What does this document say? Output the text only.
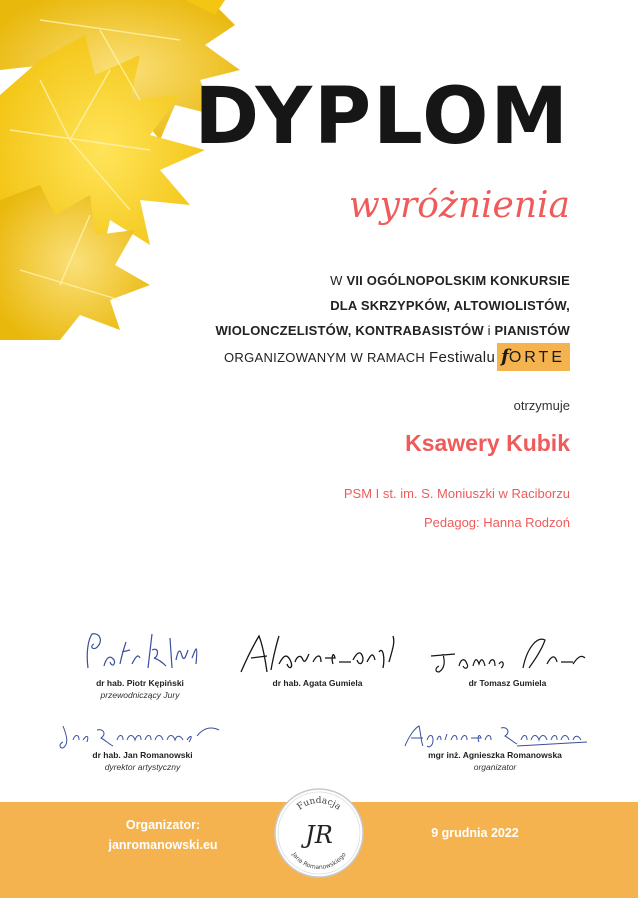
DYPLOM
wyróżnienia
W VII OGÓLNOPOLSKIM KONKURSIE
DLA SKRZYPKÓW, ALTOWIOLISTÓW,
WIOLONCZELISTÓW, KONTRABASISTÓW i PIANISTÓW
ORGANIZOWANYM W RAMACH Festiwalu fORTE
otrzymuje
Ksawery Kubik
PSM I st. im. S. Moniuszki w Raciborzu
Pedagog: Hanna Rodzoń
dr hab. Piotr Kępiński
przewodniczący Jury
dr hab. Agata Gumiela	dr Tomasz Gumiela
dr hab. Jan Romanowski
dyrektor artystyczny
mgr inż. Agnieszka Romanowska
organizator
Organizator:
janromanowski.eu
9 grudnia 2022
Fundacja
JR
Jana Romanowskiego
